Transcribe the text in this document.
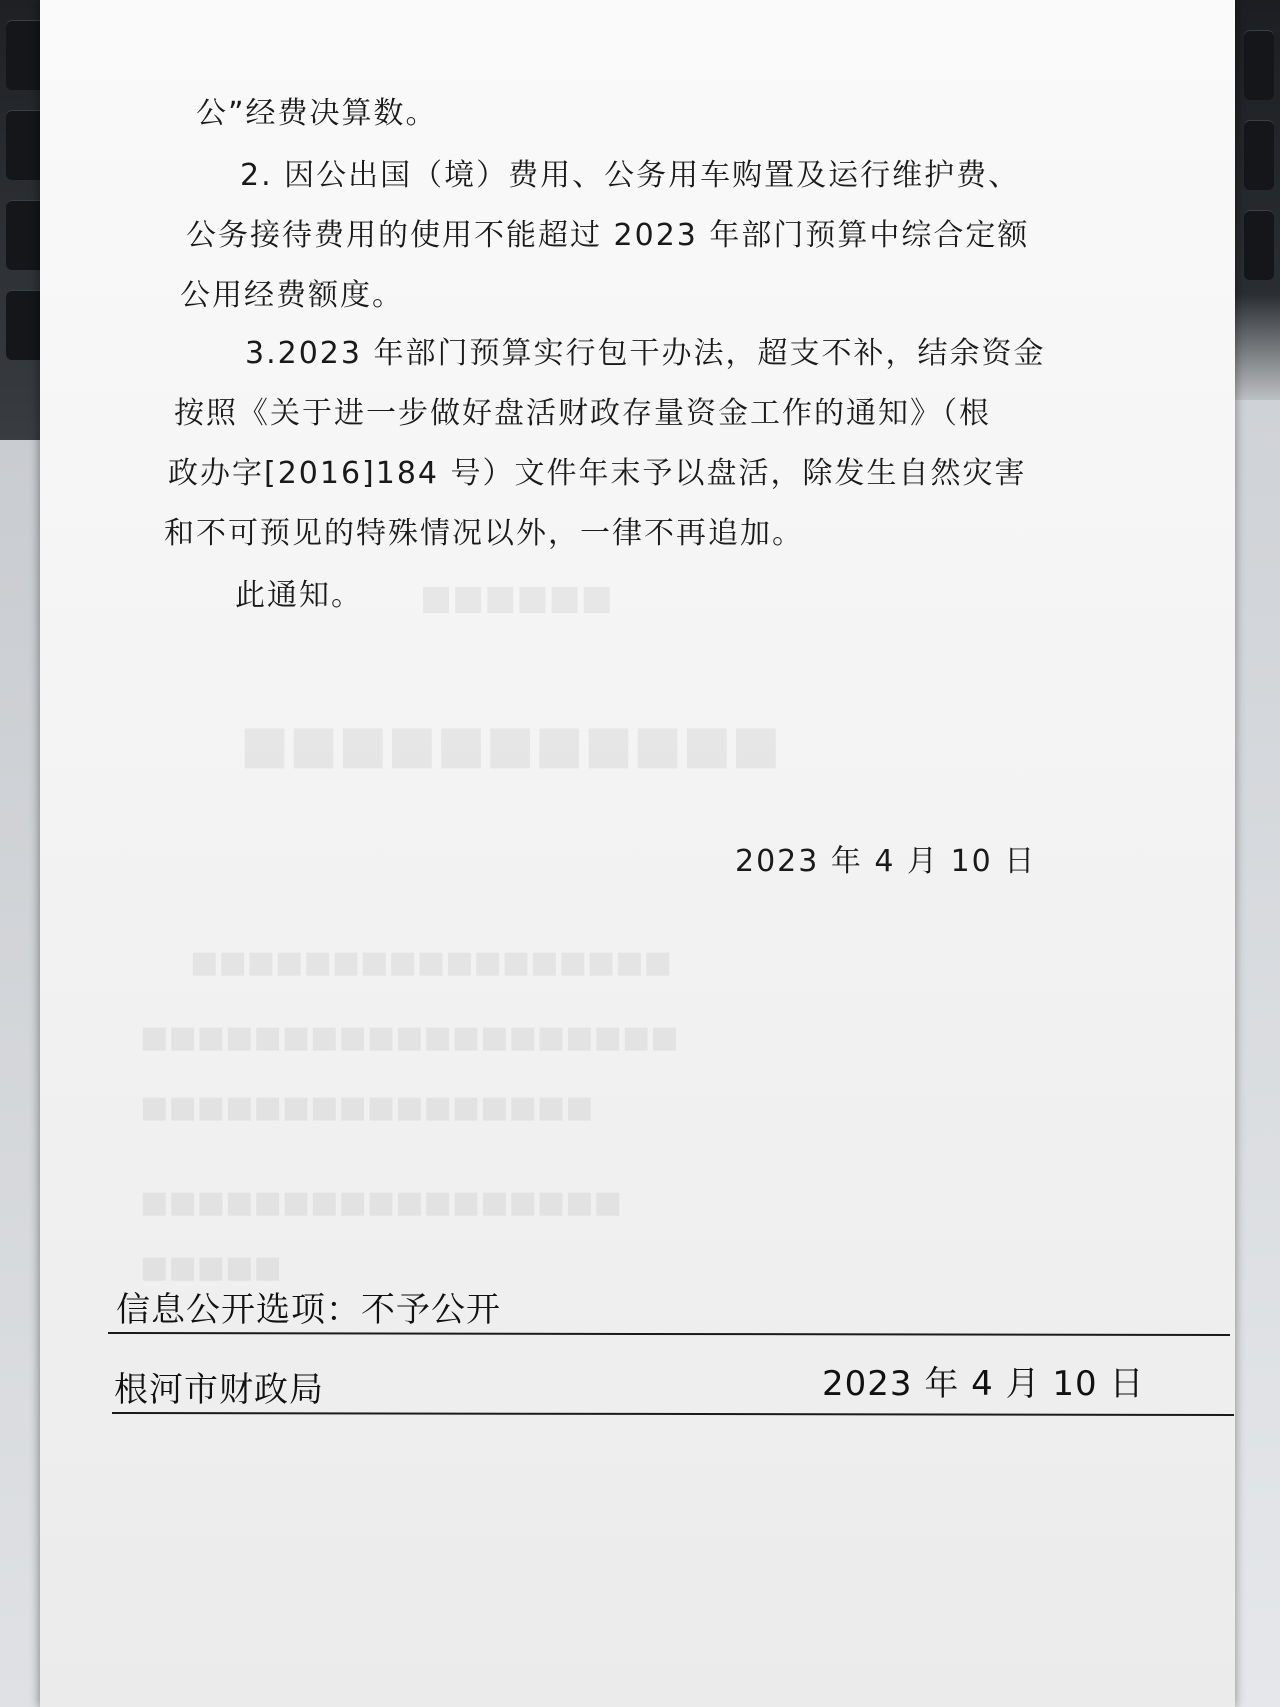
■■■■■■
■■■■■■■■■■■
■■■■■■■■■■■■■■■■■
■■■■■■■■■■■■■■■■■■■
■■■■■■■■■■■■■■■■
■■■■■■■■■■■■■■■■■
■■■■■
公”经费决算数。
2. 因公出国（境）费用、公务用车购置及运行维护费、
公务接待费用的使用不能超过 2023 年部门预算中综合定额
公用经费额度。
3.2023 年部门预算实行包干办法，超支不补，结余资金
按照《关于进一步做好盘活财政存量资金工作的通知》（根
政办字[2016]184 号）文件年末予以盘活，除发生自然灾害
和不可预见的特殊情况以外，一律不再追加。
此通知。
2023 年 4 月 10 日
信息公开选项：不予公开
根河市财政局	2023 年 4 月 10 日
